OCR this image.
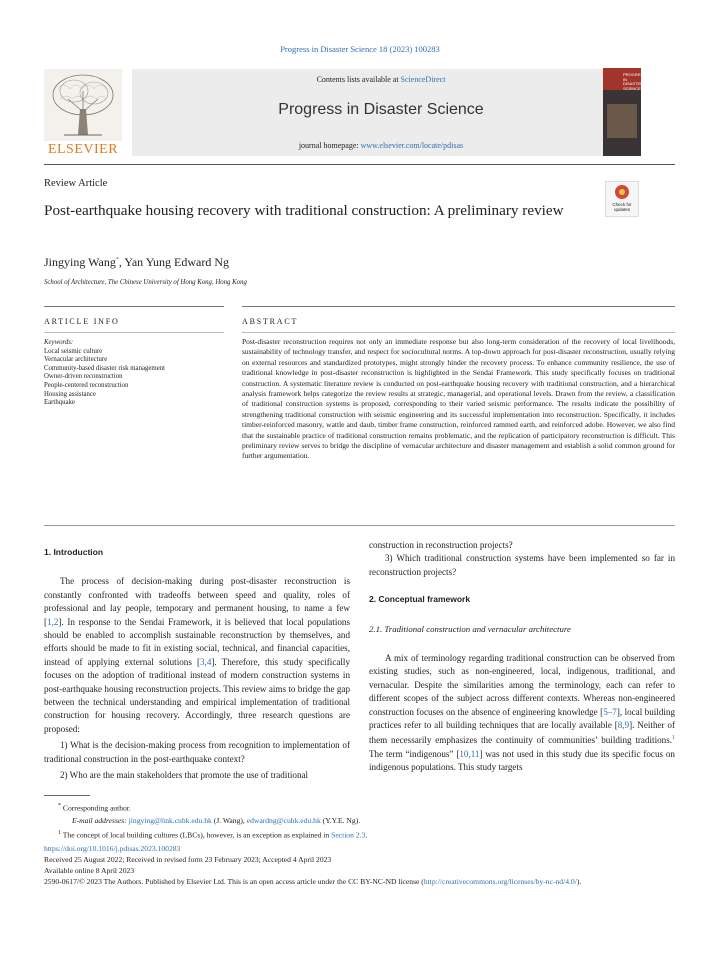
Progress in Disaster Science 18 (2023) 100283
ELSEVIER
Contents lists available at ScienceDirect
Progress in Disaster Science
journal homepage: www.elsevier.com/locate/pdisas
PROGRESS IN
DISASTER
SCIENCE
Review Article
Check for
updates
Post-earthquake housing recovery with traditional construction: A preliminary review
Jingying Wang*, Yan Yung Edward Ng
School of Architecture, The Chinese University of Hong Kong, Hong Kong
ARTICLE INFO	ABSTRACT
Keywords:
Local seismic culture
Vernacular architecture
Community-based disaster risk management
Owner-driven reconstruction
People-centered reconstruction
Housing assistance
Earthquake
Post-disaster reconstruction requires not only an immediate response but also long-term consideration of the recovery of local livelihoods, sustainability of technology transfer, and respect for sociocultural norms. A top-down approach for post-disaster reconstruction, usually relying on external resources and standardized prototypes, might strongly hinder the recovery process. To enhance community resilience, the use of traditional knowledge in post-disaster reconstruction is highlighted in the Sendai Framework. This study specifically focuses on traditional construction. A systematic literature review is conducted on post-earthquake housing recovery with traditional construction, and a hierarchical analysis framework helps categorize the review results at strategic, managerial, and operational levels. Drawn from the review, a classification of traditional construction systems is proposed, corresponding to their varied seismic performance. The results indicate the possibility of strengthening traditional construction with seismic engineering and its successful implementation into reconstruction. Specifically, it includes timber-reinforced masonry, wattle and daub, timber frame construction, reinforced rammed earth, and reinforced adobe. However, we also find that the sustainable practice of traditional construction remains problematic, and the replication of participatory reconstruction is difficult. This preliminary review serves to bridge the discipline of vernacular architecture and disaster management and establish a solid common ground for further argumentation.
1. Introduction

The process of decision-making during post-disaster reconstruction is constantly confronted with tradeoffs between speed and quality, roles of professional and lay people, temporary and permanent housing, to name a few [1,2]. In response to the Sendai Framework, it is believed that local populations should be enabled to accomplish sustainable reconstruction by themselves, and efforts should be made to fit in existing social, technical, and financial capacities, instead of applying external solutions [3,4]. Therefore, this study specifically focuses on the adoption of traditional instead of modern construction systems in post-earthquake housing reconstruction projects. This review aims to bridge the gap between the technical understanding and empirical implementation of traditional construction for housing recovery. Accordingly, three research questions are proposed:

1) What is the decision-making process from recognition to implementation of traditional construction in the post-earthquake context?

2) Who are the main stakeholders that promote the use of traditional

construction in reconstruction projects?

3) Which traditional construction systems have been implemented so far in reconstruction projects?

2. Conceptual framework
2.1. Traditional construction and vernacular architecture

A mix of terminology regarding traditional construction can be observed from existing studies, such as non-engineered, local, indigenous, traditional, and vernacular. Despite the similarities among the terminology, each can refer to different scopes of the subject across different contexts. Whereas non-engineered construction focuses on the absence of engineering knowledge [5–7], local building practices refer to all building techniques that are locally available [8,9]. Neither of them necessarily emphasizes the continuity of communities’ building traditions.$^1$ The term “indigenous” [10,11] was not used in this study due its specific focus on indigenous populations. This study targets

* Corresponding author.
E-mail addresses: jingying@link.cuhk.edu.hk (J. Wang), edwardng@cuhk.edu.hk (Y.Y.E. Ng).
$^1$ The concept of local building cultures (LBCs), however, is an exception as explained in Section 2.3.
https://doi.org/10.1016/j.pdisas.2023.100283
Received 25 August 2022; Received in revised form 23 February 2023; Accepted 4 April 2023
Available online 8 April 2023
2590-0617/© 2023 The Authors. Published by Elsevier Ltd. This is an open access article under the CC BY-NC-ND license (http://creativecommons.org/licenses/by-nc-nd/4.0/).
